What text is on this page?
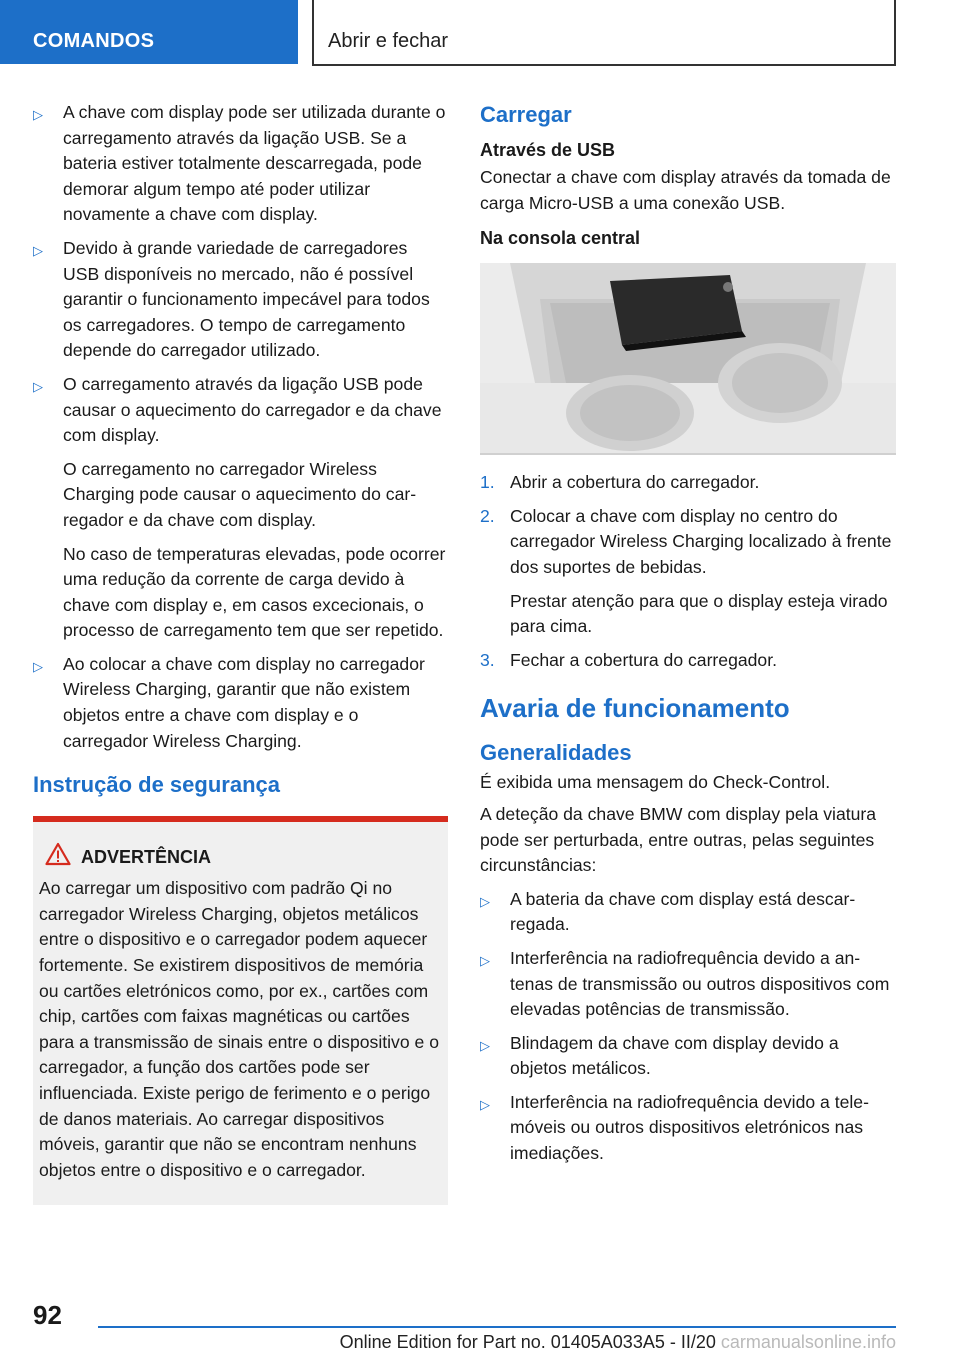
COMANDOS	Abrir e fechar
▷ A chave com display pode ser utilizada durante o carregamento através da ligação USB. Se a bateria estiver totalmente descarregada, pode demorar algum tempo até poder utilizar novamente a chave com display.
▷ Devido à grande variedade de carregadores USB disponíveis no mercado, não é possível garantir o funcionamento impecável para todos os carregadores. O tempo de carregamento depende do carregador utilizado.
▷ O carregamento através da ligação USB pode causar o aquecimento do carregador e da chave com display.
O carregamento no carregador Wireless Charging pode causar o aquecimento do carregador e da chave com display.
No caso de temperaturas elevadas, pode ocorrer uma redução da corrente de carga devido à chave com display e, em casos excecionais, o processo de carregamento tem que ser repetido.
▷ Ao colocar a chave com display no carregador Wireless Charging, garantir que não existem objetos entre a chave com display e o carregador Wireless Charging.
Instrução de segurança
ADVERTÊNCIA
Ao carregar um dispositivo com padrão Qi no carregador Wireless Charging, objetos metálicos entre o dispositivo e o carregador podem aquecer fortemente. Se existirem dispositivos de memória ou cartões eletrónicos como, por ex., cartões com chip, cartões com faixas magnéticas ou cartões para a transmissão de sinais entre o dispositivo e o carregador, a função dos cartões pode ser influenciada. Existe perigo de ferimento e o perigo de danos materiais. Ao carregar dispositivos móveis, garantir que não se encontram nenhuns objetos entre o dispositivo e o carregador.
Carregar
Através de USB
Conectar a chave com display através da tomada de carga Micro-USB a uma conexão USB.
Na consola central
1. Abrir a cobertura do carregador.
2. Colocar a chave com display no centro do carregador Wireless Charging localizado à frente dos suportes de bebidas.
Prestar atenção para que o display esteja virado para cima.
3. Fechar a cobertura do carregador.
Avaria de funcionamento
Generalidades
É exibida uma mensagem do Check-Control.
A deteção da chave BMW com display pela viatura pode ser perturbada, entre outras, pelas seguintes circunstâncias:
▷ A bateria da chave com display está descarregada.
▷ Interferência na radiofrequência devido a antenas de transmissão ou outros dispositivos com elevadas potências de transmissão.
▷ Blindagem da chave com display devido a objetos metálicos.
▷ Interferência na radiofrequência devido a telemóveis ou outros dispositivos eletrónicos nas imediações.
92
Online Edition for Part no. 01405A033A5 - II/20 carmanualsonline.info
